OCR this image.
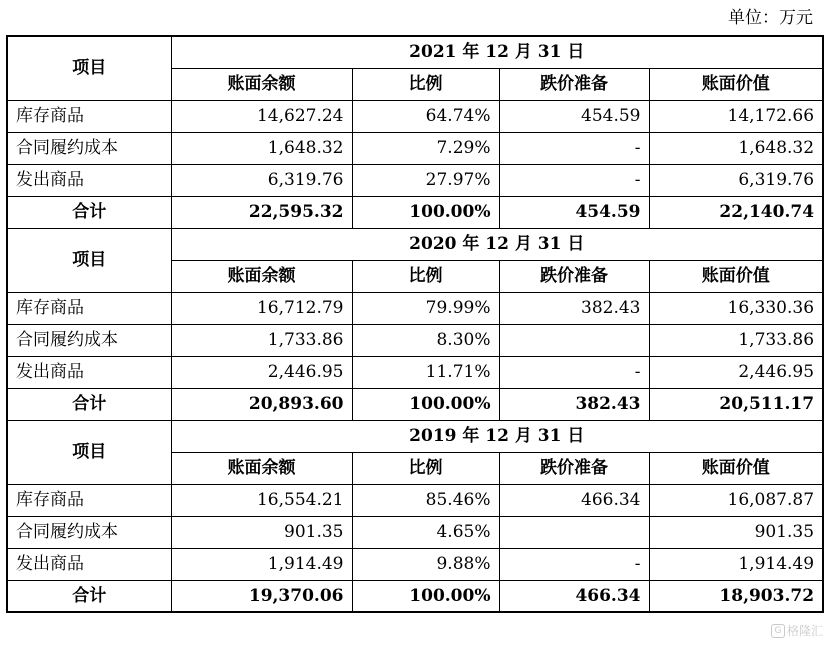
单位：万元
项目	2021 年 12 月 31 日			
	账面余额	比例	跌价准备	账面价值
库存商品	14,627.24	64.74%	454.59	14,172.66
合同履约成本	1,648.32	7.29%	-	1,648.32
发出商品	6,319.76	27.97%	-	6,319.76
合计	22,595.32	100.00%	454.59	22,140.74
项目	2020 年 12 月 31 日			
	账面余额	比例	跌价准备	账面价值
库存商品	16,712.79	79.99%	382.43	16,330.36
合同履约成本	1,733.86	8.30%		1,733.86
发出商品	2,446.95	11.71%	-	2,446.95
合计	20,893.60	100.00%	382.43	20,511.17
项目	2019 年 12 月 31 日			
	账面余额	比例	跌价准备	账面价值
库存商品	16,554.21	85.46%	466.34	16,087.87
合同履约成本	901.35	4.65%		901.35
发出商品	1,914.49	9.88%	-	1,914.49
合计	19,370.06	100.00%	466.34	18,903.72
G 格隆汇
